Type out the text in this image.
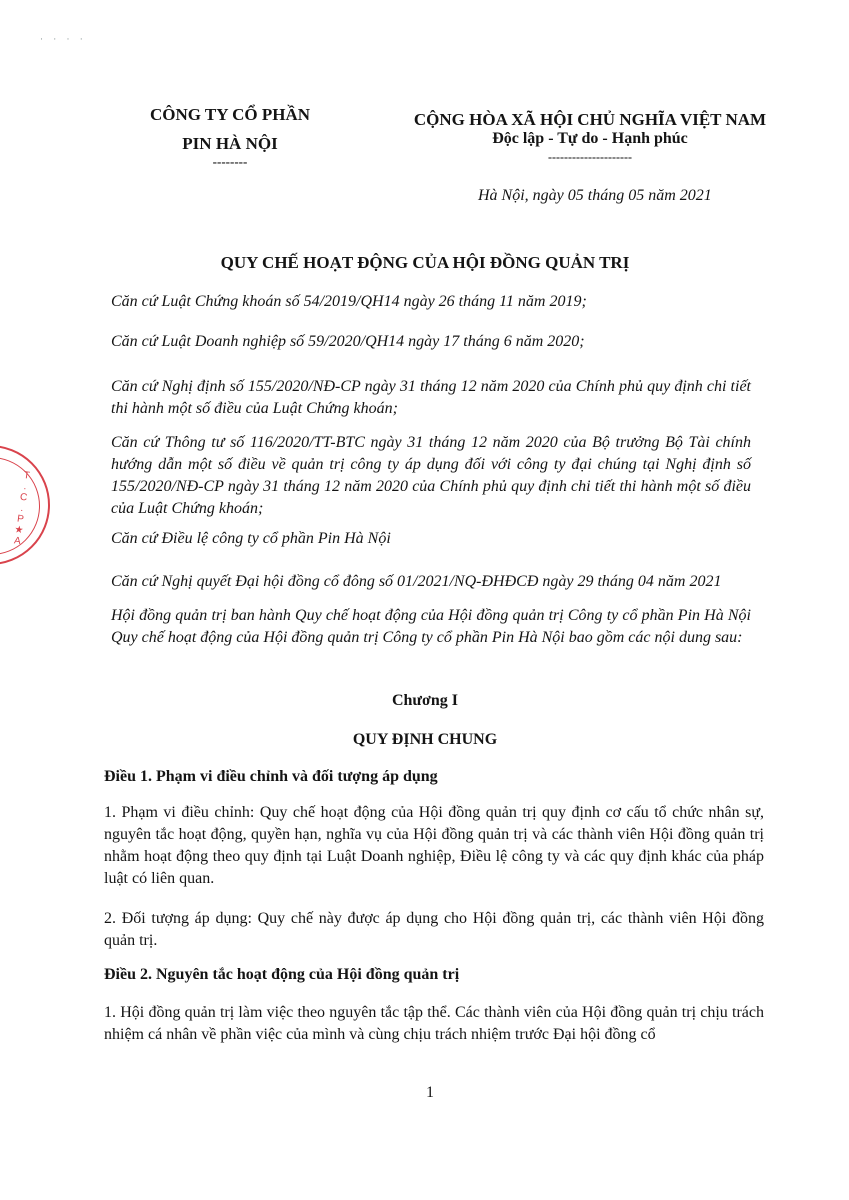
· · · ·
T
.
C
.
P
★
A
CÔNG TY CỔ PHẦN
PIN HÀ NỘI
--------
CỘNG HÒA XÃ HỘI CHỦ NGHĨA VIỆT NAM
Độc lập - Tự do - Hạnh phúc
---------------------
Hà Nội, ngày 05 tháng 05 năm 2021
QUY CHẾ HOẠT ĐỘNG CỦA HỘI ĐỒNG QUẢN TRỊ
Căn cứ Luật Chứng khoán số 54/2019/QH14 ngày 26 tháng 11 năm 2019;
Căn cứ Luật Doanh nghiệp số 59/2020/QH14 ngày 17 tháng 6 năm 2020;
Căn cứ Nghị định số 155/2020/NĐ-CP ngày 31 tháng 12 năm 2020 của Chính phủ quy định chi tiết thi hành một số điều của Luật Chứng khoán;
Căn cứ Thông tư số 116/2020/TT-BTC ngày 31 tháng 12 năm 2020 của Bộ trưởng Bộ Tài chính hướng dẫn một số điều về quản trị công ty áp dụng đối với công ty đại chúng tại Nghị định số 155/2020/NĐ-CP ngày 31 tháng 12 năm 2020 của Chính phủ quy định chi tiết thi hành một số điều của Luật Chứng khoán;
Căn cứ Điều lệ công ty cổ phần Pin Hà Nội
Căn cứ Nghị quyết Đại hội đồng cổ đông số 01/2021/NQ-ĐHĐCĐ ngày 29 tháng 04 năm 2021
Hội đồng quản trị ban hành Quy chế hoạt động của Hội đồng quản trị Công ty cổ phần Pin Hà Nội Quy chế hoạt động của Hội đồng quản trị Công ty cổ phần Pin Hà Nội bao gồm các nội dung sau:
Chương I
QUY ĐỊNH CHUNG
Điều 1. Phạm vi điều chỉnh và đối tượng áp dụng
1. Phạm vi điều chỉnh: Quy chế hoạt động của Hội đồng quản trị quy định cơ cấu tổ chức nhân sự, nguyên tắc hoạt động, quyền hạn, nghĩa vụ của Hội đồng quản trị và các thành viên Hội đồng quản trị nhằm hoạt động theo quy định tại Luật Doanh nghiệp, Điều lệ công ty và các quy định khác của pháp luật có liên quan.
2. Đối tượng áp dụng: Quy chế này được áp dụng cho Hội đồng quản trị, các thành viên Hội đồng quản trị.
Điều 2. Nguyên tắc hoạt động của Hội đồng quản trị
1. Hội đồng quản trị làm việc theo nguyên tắc tập thể. Các thành viên của Hội đồng quản trị chịu trách nhiệm cá nhân về phần việc của mình và cùng chịu trách nhiệm trước Đại hội đồng cổ
1
